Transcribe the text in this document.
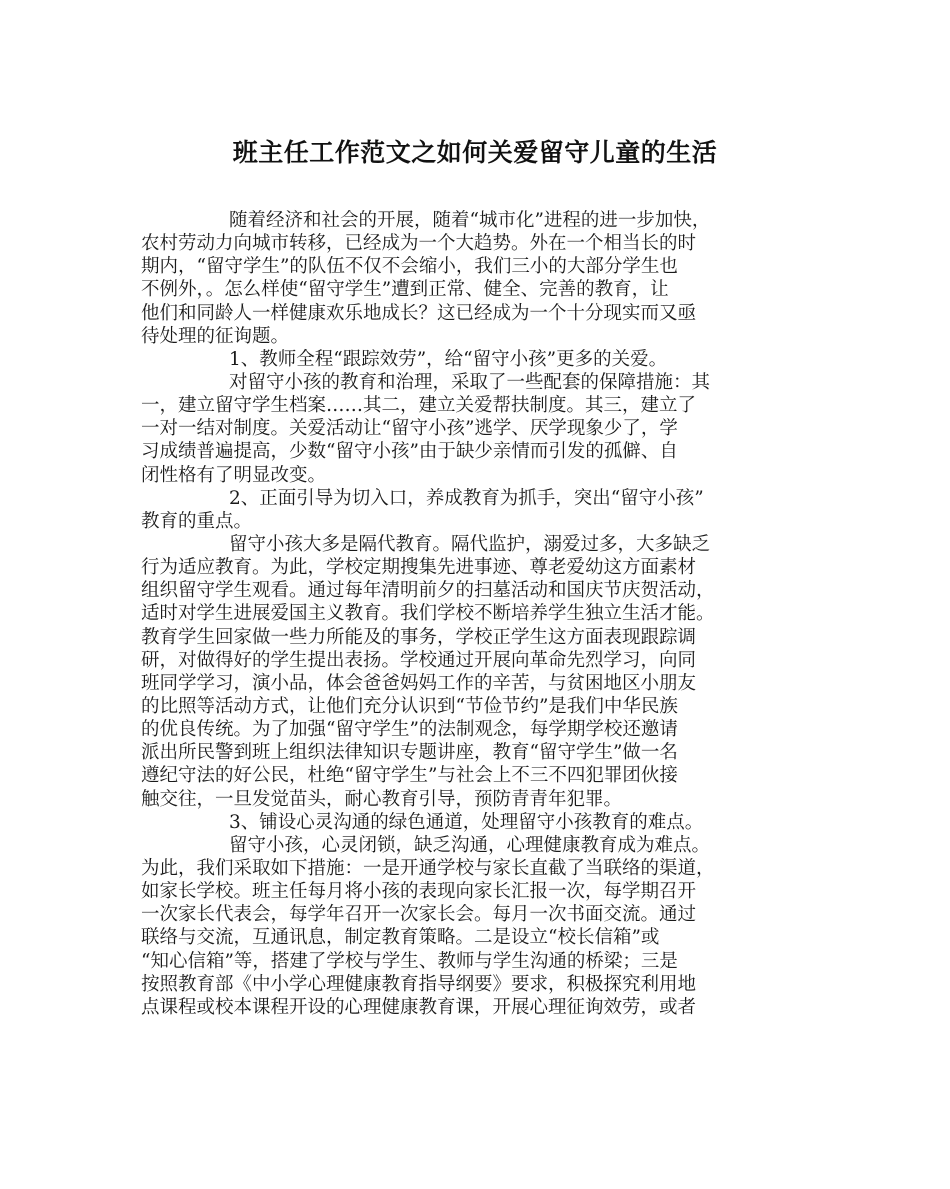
班主任工作范文之如何关爱留守儿童的生活
随着经济和社会的开展，随着“城市化”进程的进一步加快，
农村劳动力向城市转移，已经成为一个大趋势。外在一个相当长的时
期内，“留守学生”的队伍不仅不会缩小，我们三小的大部分学生也
不例外，。怎么样使“留守学生”遭到正常、健全、完善的教育，让
他们和同龄人一样健康欢乐地成长？这已经成为一个十分现实而又亟
待处理的征询题。
1、教师全程“跟踪效劳”，给“留守小孩”更多的关爱。
对留守小孩的教育和治理，采取了一些配套的保障措施：其
一，建立留守学生档案……其二，建立关爱帮扶制度。其三，建立了
一对一结对制度。关爱活动让“留守小孩”逃学、厌学现象少了，学
习成绩普遍提高，少数“留守小孩”由于缺少亲情而引发的孤僻、自
闭性格有了明显改变。
2、正面引导为切入口，养成教育为抓手，突出“留守小孩”
教育的重点。
留守小孩大多是隔代教育。隔代监护，溺爱过多，大多缺乏
行为适应教育。为此，学校定期搜集先进事迹、尊老爱幼这方面素材
组织留守学生观看。通过每年清明前夕的扫墓活动和国庆节庆贺活动，
适时对学生进展爱国主义教育。我们学校不断培养学生独立生活才能。
教育学生回家做一些力所能及的事务，学校正学生这方面表现跟踪调
研，对做得好的学生提出表扬。学校通过开展向革命先烈学习，向同
班同学学习，演小品，体会爸爸妈妈工作的辛苦，与贫困地区小朋友
的比照等活动方式，让他们充分认识到“节俭节约”是我们中华民族
的优良传统。为了加强“留守学生”的法制观念，每学期学校还邀请
派出所民警到班上组织法律知识专题讲座，教育“留守学生”做一名
遵纪守法的好公民，杜绝“留守学生”与社会上不三不四犯罪团伙接
触交往，一旦发觉苗头，耐心教育引导，预防青青年犯罪。
3、铺设心灵沟通的绿色通道，处理留守小孩教育的难点。
留守小孩，心灵闭锁，缺乏沟通，心理健康教育成为难点。
为此，我们采取如下措施：一是开通学校与家长直截了当联络的渠道，
如家长学校。班主任每月将小孩的表现向家长汇报一次，每学期召开
一次家长代表会，每学年召开一次家长会。每月一次书面交流。通过
联络与交流，互通讯息，制定教育策略。二是设立“校长信箱”或
“知心信箱”等，搭建了学校与学生、教师与学生沟通的桥梁；三是
按照教育部《中小学心理健康教育指导纲要》要求，积极探究利用地
点课程或校本课程开设的心理健康教育课，开展心理征询效劳，或者
